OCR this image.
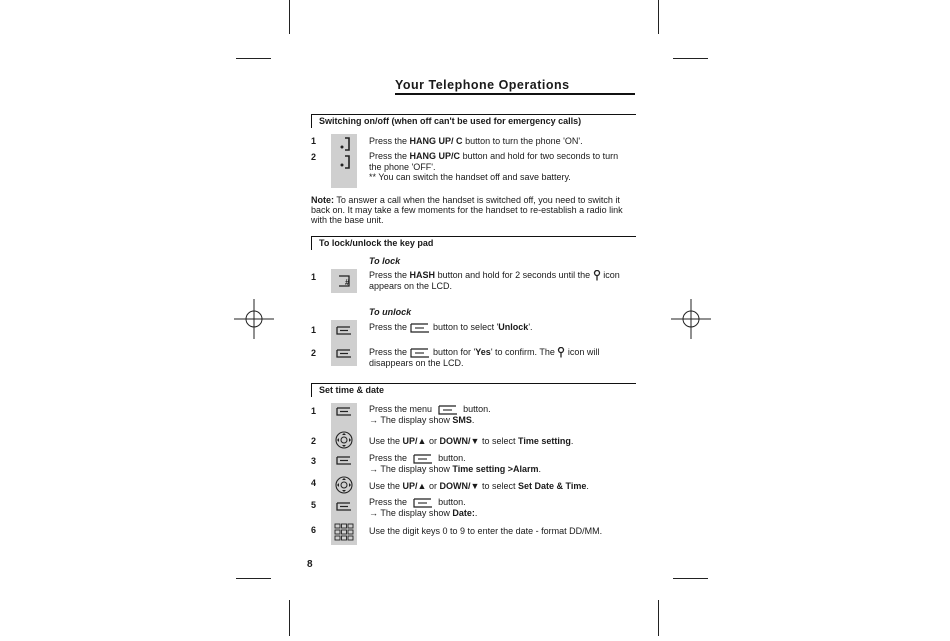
Your Telephone Operations
Switching on/off (when off can't be used for emergency calls)
1	Press the HANG UP/ C button to turn the phone 'ON'.
2	Press the HANG UP/C button and hold for two seconds to turn
the phone 'OFF'.
** You can switch the handset off and save battery.
Note: To answer a call when the handset is switched off, you need to switch it back on. It may take a few moments for the handset to re-establish a radio link with the base unit.
To lock/unlock the key pad
To lock
#
1	Press the HASH button and hold for 2 seconds until the icon
appears on the LCD.
To unlock
1	Press the	button to select 'Unlock'.
2	Press the	button for 'Yes' to confirm. The icon will
disappears on the LCD.
Set time & date
1	Press the menu	button.
→ The display show SMS.
2	Use the UP/▲ or DOWN/▼ to select Time setting.
3	Press the	button.
→ The display show Time setting >Alarm.
4	Use the UP/▲ or DOWN/▼ to select Set Date & Time.
5	Press the	button.
→ The display show Date:.
6	Use the digit keys 0 to 9 to enter the date - format DD/MM.
8
